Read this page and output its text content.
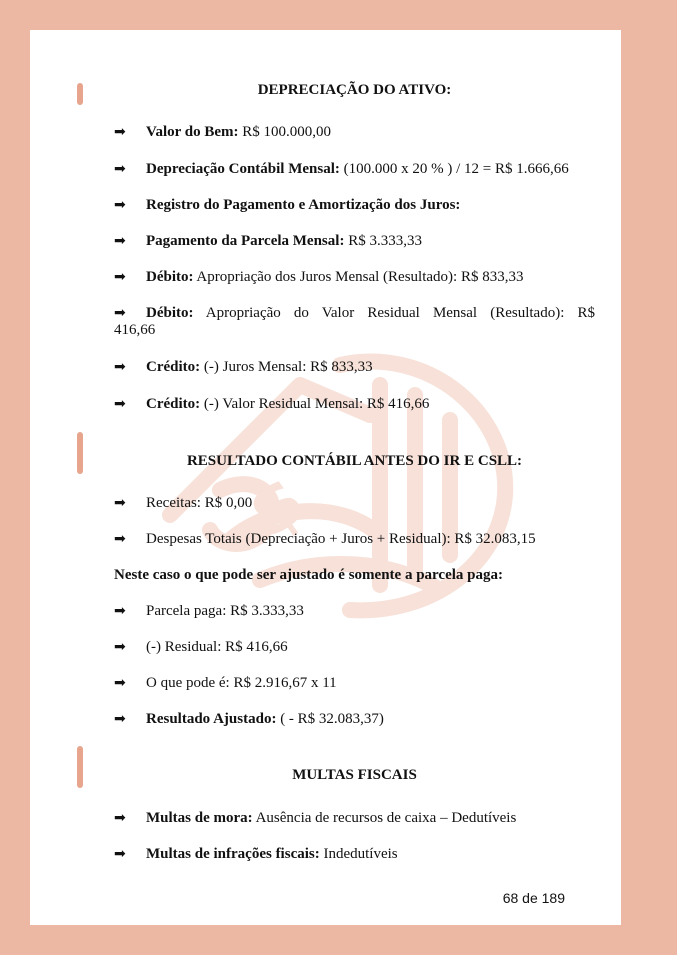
$
DEPRECIAÇÃO DO ATIVO:
➡ Valor do Bem: R$ 100.000,00
➡ Depreciação Contábil Mensal: (100.000 x 20 % ) / 12 = R$ 1.666,66
➡ Registro do Pagamento e Amortização dos Juros:
➡ Pagamento da Parcela Mensal: R$ 3.333,33
➡ Débito: Apropriação dos Juros Mensal (Resultado): R$ 833,33
➡ Débito: Apropriação do Valor Residual Mensal (Resultado): R$
416,66
➡ Crédito: (-) Juros Mensal: R$ 833,33
➡ Crédito: (-) Valor Residual Mensal: R$ 416,66
RESULTADO CONTÁBIL ANTES DO IR E CSLL:
➡ Receitas: R$ 0,00
➡ Despesas Totais (Depreciação + Juros + Residual): R$ 32.083,15
Neste caso o que pode ser ajustado é somente a parcela paga:
➡ Parcela paga: R$ 3.333,33
➡ (-) Residual: R$ 416,66
➡ O que pode é: R$ 2.916,67 x 11
➡ Resultado Ajustado: ( - R$ 32.083,37)
MULTAS FISCAIS
➡ Multas de mora: Ausência de recursos de caixa – Dedutíveis
➡ Multas de infrações fiscais: Indedutíveis
68 de 189
